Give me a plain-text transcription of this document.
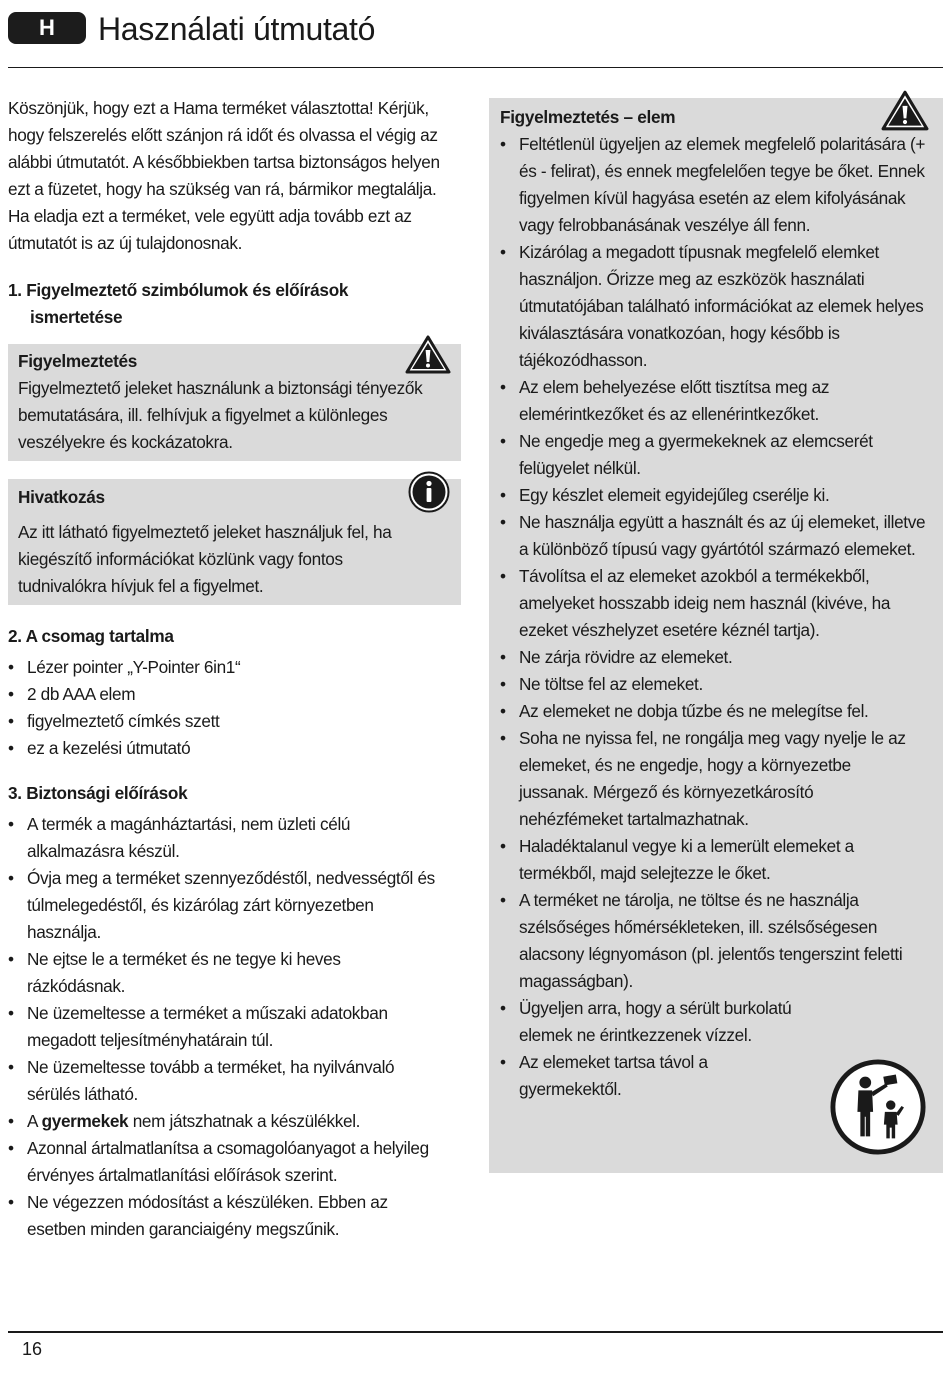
H	Használati útmutató

Köszönjük, hogy ezt a Hama terméket választotta! Kérjük, hogy felszerelés előtt szánjon rá időt és olvassa el végig az alábbi útmutatót. A későbbiekben tartsa biztonságos helyen ezt a füzetet, hogy ha szükség van rá, bármikor megtalálja. Ha eladja ezt a terméket, vele együtt adja tovább ezt az útmutatót is az új tulajdonosnak.

1. Figyelmeztető szimbólumok és előírások ismertetése

Figyelmeztetés

Figyelmeztető jeleket használunk a biztonsági tényezők bemutatására, ill. felhívjuk a figyelmet a különleges veszélyekre és kockázatokra.

Hivatkozás

Az itt látható figyelmeztető jeleket használjuk fel, ha kiegészítő információkat közlünk vagy fontos tudnivalókra hívjuk fel a figyelmet.

2. A csomag tartalma

• Lézer pointer „Y-Pointer 6in1“
• 2 db AAA elem
• figyelmeztető címkés szett
• ez a kezelési útmutató

3. Biztonsági előírások

• A termék a magánháztartási, nem üzleti célú alkalmazásra készül.
• Óvja meg a terméket szennyeződéstől, nedvességtől és túlmelegedéstől, és kizárólag zárt környezetben használja.
• Ne ejtse le a terméket és ne tegye ki heves rázkódásnak.
• Ne üzemeltesse a terméket a műszaki adatokban megadott teljesítményhatárain túl.
• Ne üzemeltesse tovább a terméket, ha nyilvánvaló sérülés látható.
• A gyermekek nem játszhatnak a készülékkel.
• Azonnal ártalmatlanítsa a csomagolóanyagot a helyileg érvényes ártalmatlanítási előírások szerint.
• Ne végezzen módosítást a készüléken. Ebben az esetben minden garanciaigény megszűnik.
Figyelmeztetés – elem
• Feltétlenül ügyeljen az elemek megfelelő polaritására (+ és - felirat), és ennek megfelelően tegye be őket. Ennek figyelmen kívül hagyása esetén az elem kifolyásának vagy felrobbanásának veszélye áll fenn.
• Kizárólag a megadott típusnak megfelelő elemket használjon. Őrizze meg az eszközök használati útmutatójában található információkat az elemek helyes kiválasztására vonatkozóan, hogy később is tájékozódhasson.
• Az elem behelyezése előtt tisztítsa meg az elemérintkezőket és az ellenérintkezőket.
• Ne engedje meg a gyermekeknek az elemcserét felügyelet nélkül.
• Egy készlet elemeit egyidejűleg cserélje ki.
• Ne használja együtt a használt és az új elemeket, illetve a különböző típusú vagy gyártótól származó elemeket.
• Távolítsa el az elemeket azokból a termékekből, amelyeket hosszabb ideig nem használ (kivéve, ha ezeket vészhelyzet esetére kéznél tartja).
• Ne zárja rövidre az elemeket.
• Ne töltse fel az elemeket.
• Az elemeket ne dobja tűzbe és ne melegítse fel.
• Soha ne nyissa fel, ne rongálja meg vagy nyelje le az elemeket, és ne engedje, hogy a környezetbe jussanak. Mérgező és környezetkárosító nehézfémeket tartalmazhatnak.
• Haladéktalanul vegye ki a lemerült elemeket a termékből, majd selejtezze le őket.
• A terméket ne tárolja, ne töltse és ne használja szélsőséges hőmérsékleteken, ill. szélsőségesen alacsony légnyomáson (pl. jelentős tengerszint feletti magasságban).
• Ügyeljen arra, hogy a sérült burkolatú elemek ne érintkezzenek vízzel.
• Az elemeket tartsa távol a gyermekektől.
16
